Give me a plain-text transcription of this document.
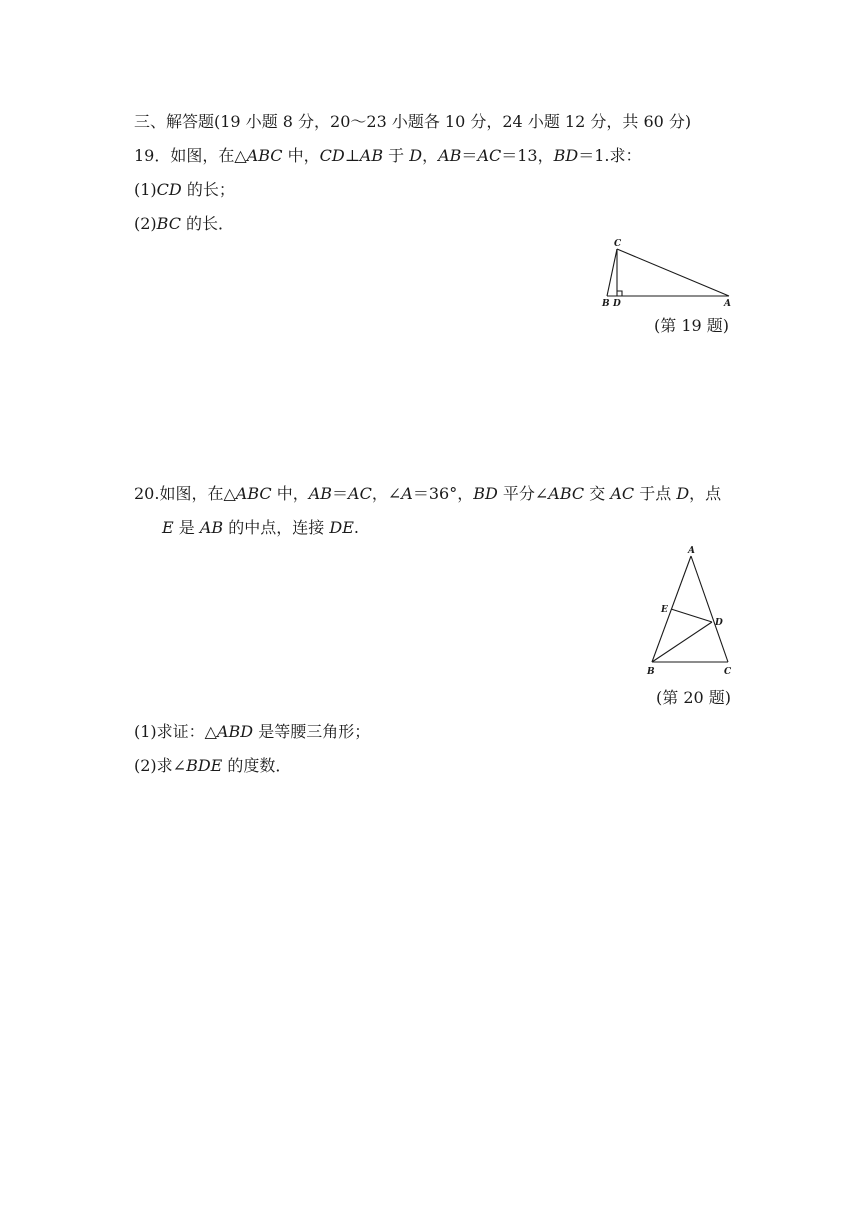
三、解答题(19 小题 8 分，20～23 小题各 10 分，24 小题 12 分，共 60 分)
19．如图，在△ABC 中，CD⊥AB 于 D，AB＝AC＝13，BD＝1.求：
(1)CD 的长；
(2)BC 的长．
C
B D	A
(第 19 题)
20.如图，在△ABC 中，AB＝AC，∠A＝36°，BD 平分∠ABC 交 AC 于点 D，点
E 是 AB 的中点，连接 DE.
A
E
D
B	C
(第 20 题)
(1)求证：△ABD 是等腰三角形；
(2)求∠BDE 的度数．
